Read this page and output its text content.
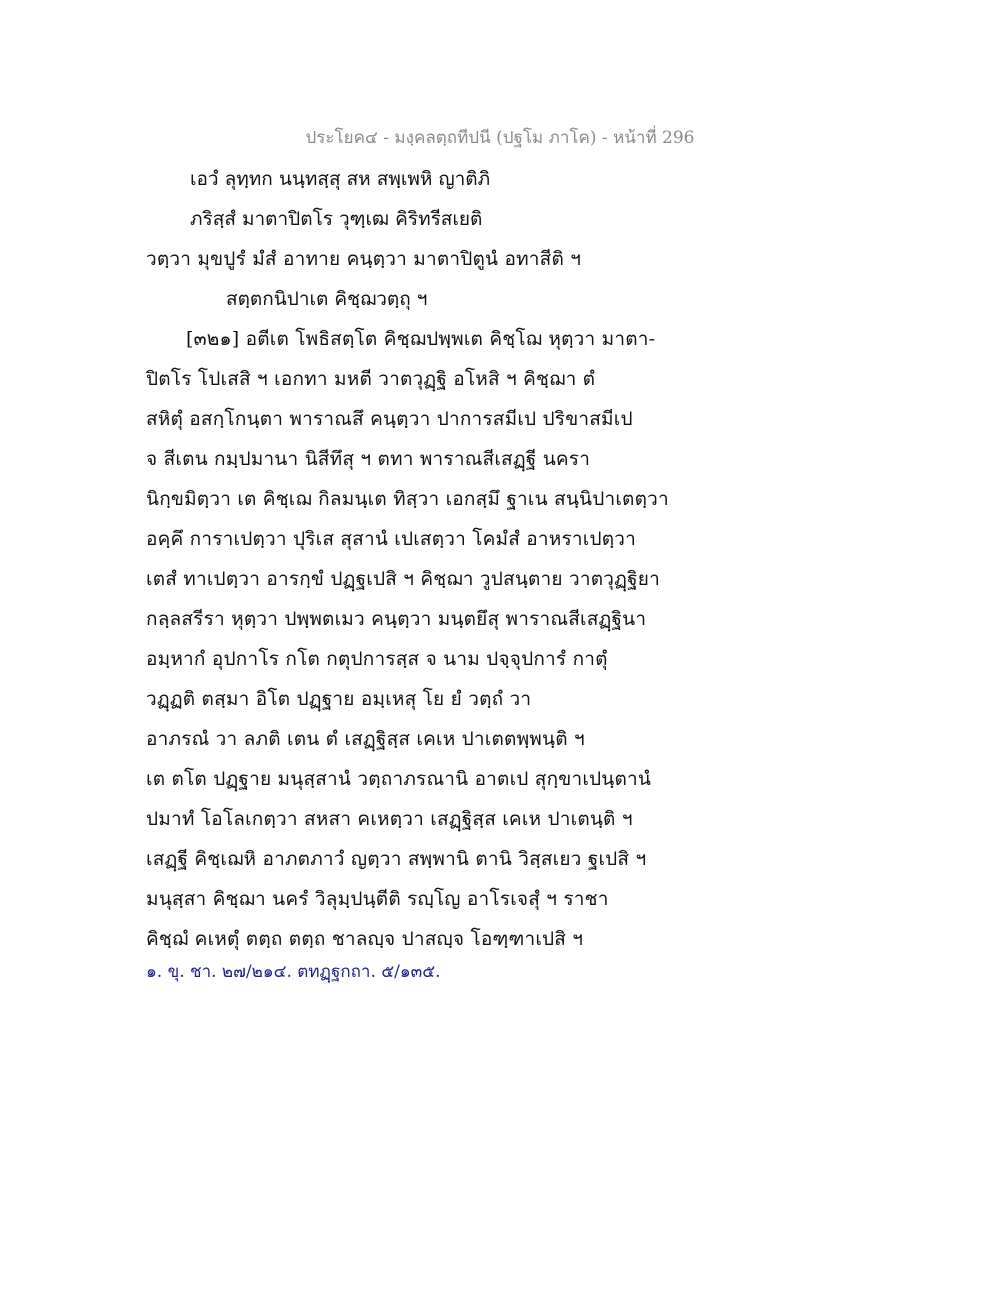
ประโยค๔ - มงฺคลตฺถทีปนี (ปฐโม ภาโค) - หน้าที่ 296
เอวํ ลุทฺทก นนฺทสฺสุ สห สพฺเพหิ ญาติภิ
ภริสฺสํ มาตาปิตโร วุฑฺเฒ คิริทรีสเยติ
วตฺวา มุขปูรํ มํสํ อาทาย คนฺตฺวา มาตาปิตูนํ อทาสีติ ฯ
สตฺตกนิปาเต คิชฺฌวตฺถุ ฯ
[๓๒๑] อตีเต โพธิสตฺโต คิชฺฌปพฺพเต คิชฺโฌ หุตฺวา มาตา-
ปิตโร โปเสสิ ฯ เอกทา มหตี วาตวุฏฺฐิ อโหสิ ฯ คิชฺฌา ตํ
สหิตุํ อสกฺโกนฺตา พาราณสึ คนฺตฺวา ปาการสมีเป ปริขาสมีเป
จ สีเตน กมฺปมานา นิสีทึสุ ฯ ตทา พาราณสีเสฏฺฐี นครา
นิกฺขมิตฺวา เต คิชฺเฌ กิลมนฺเต ทิสฺวา เอกสฺมึ ฐาเน สนฺนิปาเตตฺวา
อคฺคึ การาเปตฺวา ปุริเส สุสานํ เปเสตฺวา โคมํสํ อาหราเปตฺวา
เตสํ ทาเปตฺวา อารกฺขํ ปฏฺฐเปสิ ฯ คิชฺฌา วูปสนฺตาย วาตวุฏฺฐิยา
กลฺลสรีรา หุตฺวา ปพฺพตเมว คนฺตฺวา มนฺตยึสุ พาราณสีเสฏฺฐินา
อมฺหากํ อุปกาโร กโต กตุปการสฺส จ นาม ปจฺจุปการํ กาตุํ
วฏฺฏติ ตสฺมา อิโต ปฏฺฐาย อมฺเหสุ โย ยํ วตฺถํ วา
อาภรณํ วา ลภติ เตน ตํ เสฏฺฐิสฺส เคเห ปาเตตพฺพนฺติ ฯ
เต ตโต ปฏฺฐาย มนุสฺสานํ วตฺถาภรณานิ อาตเป สุกฺขาเปนฺตานํ
ปมาทํ โอโลเกตฺวา สหสา คเหตฺวา เสฏฺฐิสฺส เคเห ปาเตนฺติ ฯ
เสฏฺฐี คิชฺเฌหิ อาภตภาวํ ญตฺวา สพฺพานิ ตานิ วิสฺสเยว ฐเปสิ ฯ
มนุสฺสา คิชฺฌา นครํ วิลุมฺปนฺตีติ รญฺโญ อาโรเจสุํ ฯ ราชา
คิชฺฌํ คเหตุํ ตตฺถ ตตฺถ ชาลญฺจ ปาสญฺจ โอฑฺฑาเปสิ ฯ
๑. ขุ. ชา. ๒๗/๒๑๔. ตทฏฺฐกถา. ๕/๑๓๕.
